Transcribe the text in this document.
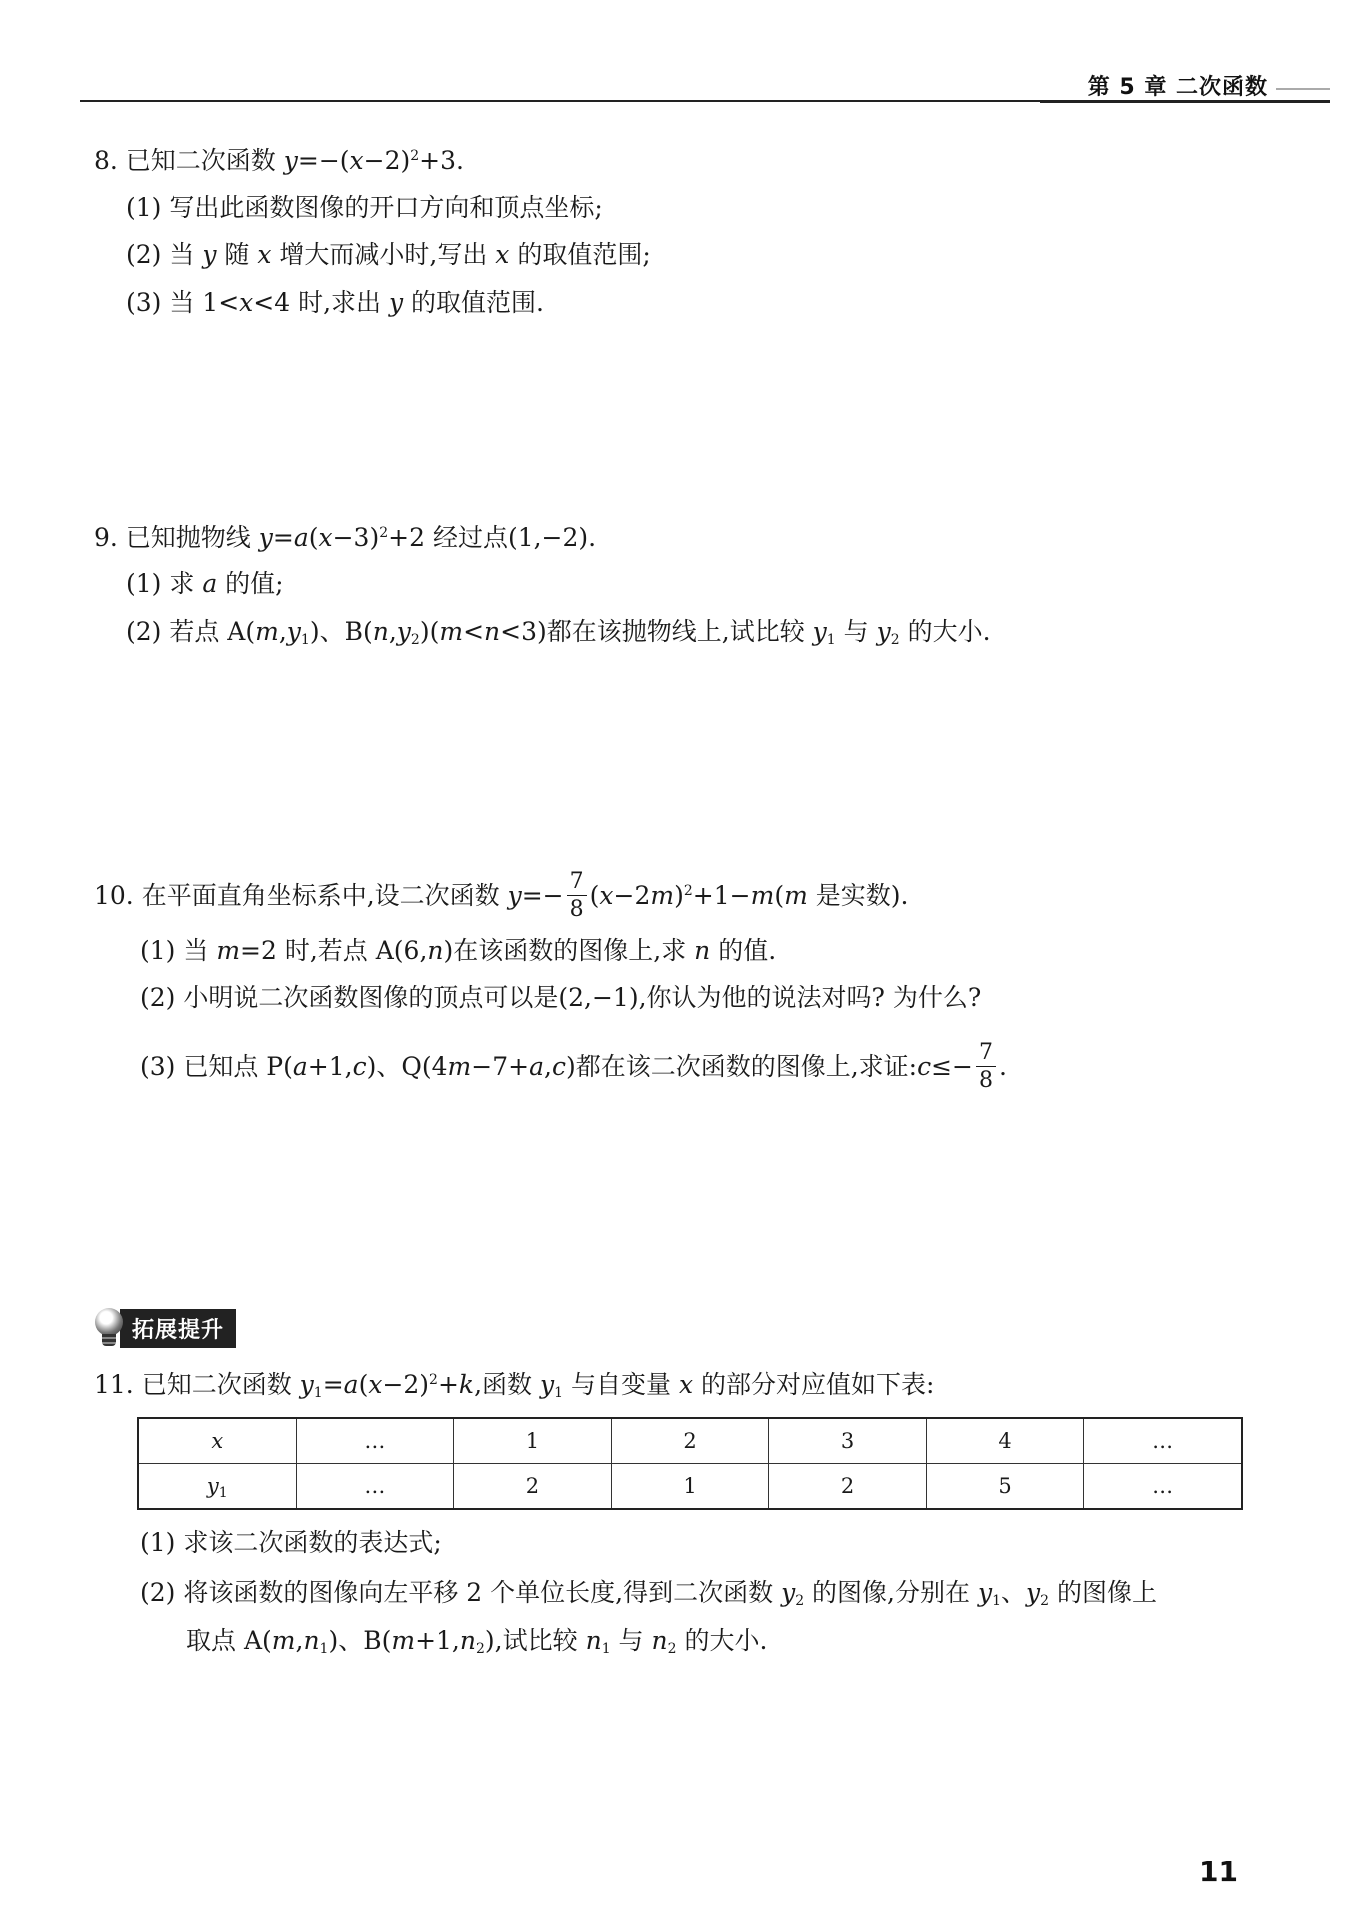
第 5 章 二次函数
8. 已知二次函数 $y=-(x-2)^2+3$.
(1) 写出此函数图像的开口方向和顶点坐标;
(2) 当 y 随 x 增大而减小时,写出 x 的取值范围;
(3) 当 1<x<4 时,求出 y 的取值范围.
9. 已知抛物线 $y=a(x-3)^2+2$ 经过点(1,−2).
(1) 求 a 的值;
(2) 若点 $A(m,y_1)$、$B(n,y_2)(m<n<3)$都在该抛物线上,试比较 $y_1$ 与 $y_2$ 的大小.
10. 在平面直角坐标系中,设二次函数 $y=- \frac{7}{8} (x-2m)^2+1-m(m$ 是实数).
(1) 当 m=2 时,若点 A(6,n)在该函数的图像上,求 n 的值.
(2) 小明说二次函数图像的顶点可以是(2,−1),你认为他的说法对吗? 为什么?
(3) 已知点 P(a+1,c)、Q(4m−7+a,c)都在该二次函数的图像上,求证:c≤− $\frac{7}{8}$ .
拓展提升
11. 已知二次函数 $y_1=a(x-2)^2+k$,函数 $y_1$ 与自变量 x 的部分对应值如下表:
x	…	1	2	3	4	…
$y_1$	…	2	1	2	5	…
(1) 求该二次函数的表达式;
(2) 将该函数的图像向左平移 2 个单位长度,得到二次函数 $y_2$ 的图像,分别在 $y_1$、$y_2$ 的图像上
取点 $A(m,n_1)$、$B(m+1,n_2)$,试比较 $n_1$ 与 $n_2$ 的大小.
11
